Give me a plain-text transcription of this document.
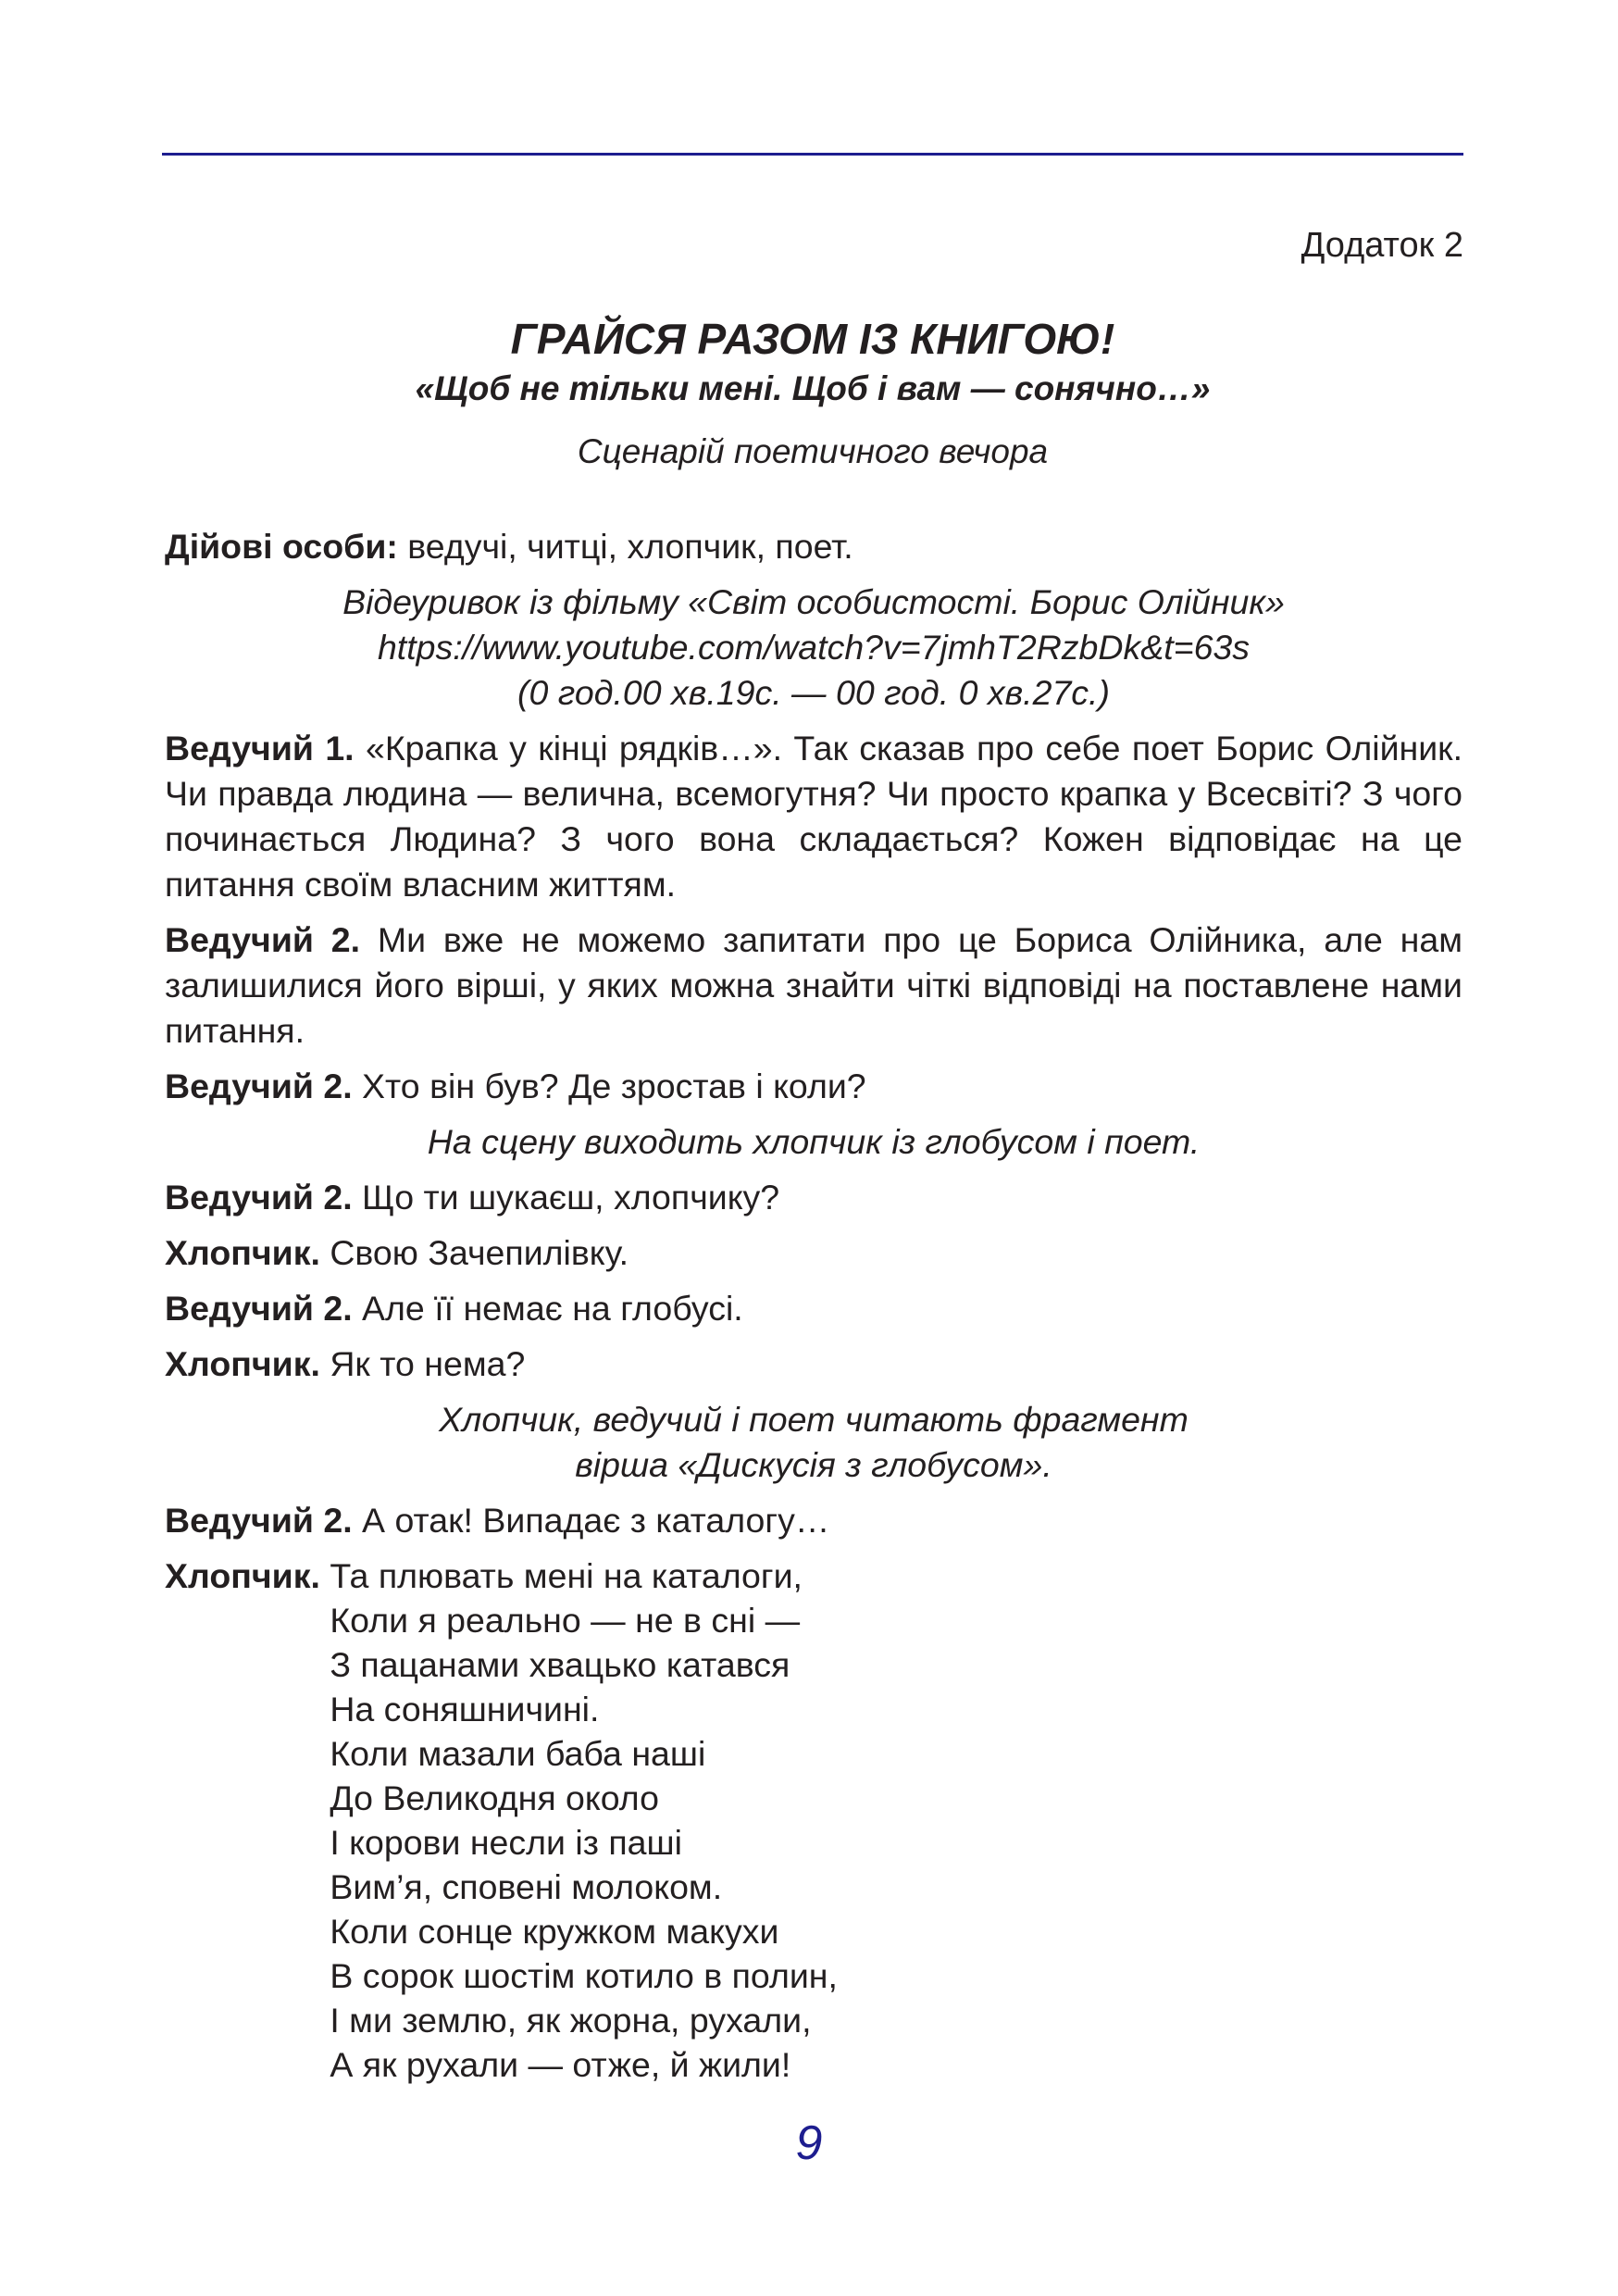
Додаток 2
ГРАЙСЯ РАЗОМ ІЗ КНИГОЮ!
«Щоб не тільки мені. Щоб і вам — сонячно…»
Сценарій поетичного вечора

Дійові особи: ведучі, читці, хлопчик, поет.

Відеуривок із фільму «Світ особистості. Борис Олійник»
https://www.youtube.com/watch?v=7jmhT2RzbDk&t=63s
(0 год.00 хв.19с. — 00 год. 0 хв.27с.)

Ведучий 1. «Крапка у кінці рядків…». Так сказав про себе поет Борис Олійник. Чи правда людина — велична, всемогутня? Чи просто крапка у Всесвіті? З чого починається Людина? З чого вона складається? Кожен відповідає на це питання своїм власним життям.

Ведучий 2. Ми вже не можемо запитати про це Бориса Олійника, але нам залишилися його вірші, у яких можна знайти чіткі відповіді на поставлене нами питання.

Ведучий 2. Хто він був? Де зростав і коли?

На сцену виходить хлопчик із глобусом і поет.

Ведучий 2. Що ти шукаєш, хлопчику?

Хлопчик. Свою Зачепилівку.

Ведучий 2. Але її немає на глобусі.

Хлопчик. Як то нема?

Хлопчик, ведучий і поет читають фрагмент
вірша «Дискусія з глобусом».

Ведучий 2. А отак! Випадає з каталогу…

Хлопчик. Та плювать мені на каталоги,
Коли я реально — не в сні —
З пацанами хвацько катався
На соняшничині.
Коли мазали баба наші
До Великодня около
І корови несли із паші
Вим’я, сповені молоком.
Коли сонце кружком макухи
В сорок шостім котило в полин,
І ми землю, як жорна, рухали,
А як рухали — отже, й жили!
9
